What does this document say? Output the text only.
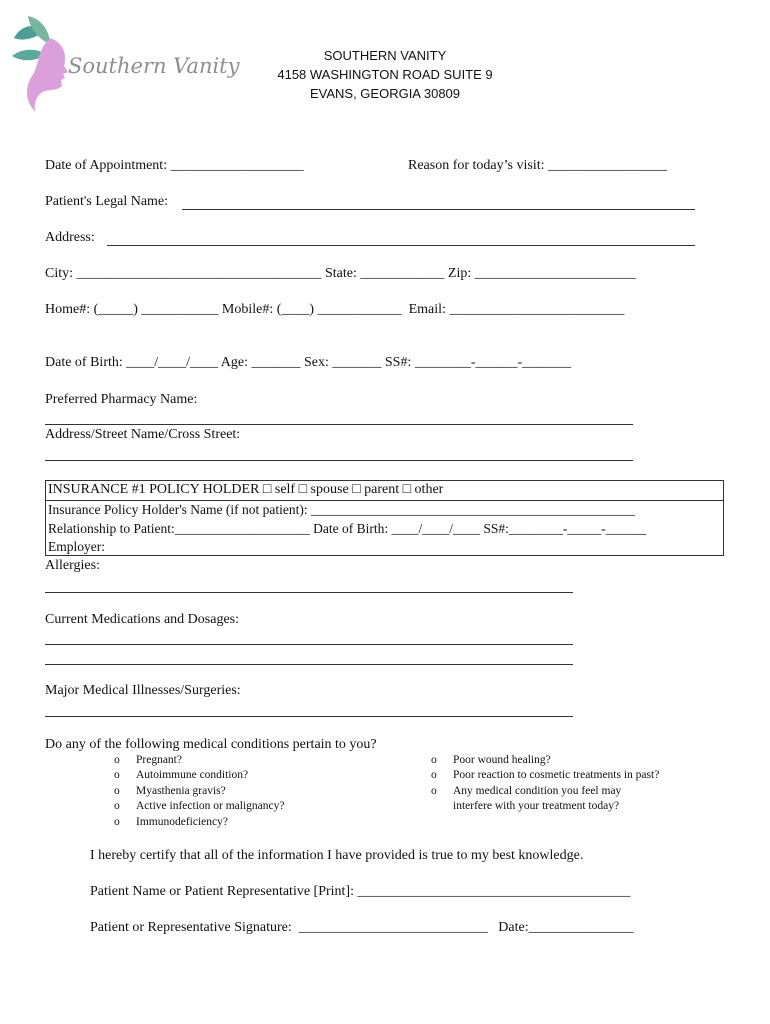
Southern Vanity	SOUTHERN VANITY
4158 WASHINGTON ROAD SUITE 9
EVANS, GEORGIA 30809
Date of Appointment: ___________________	Reason for today’s visit: _________________
Patient's Legal Name:
Address:
City: ___________________________________ State: ____________ Zip: _______________________
Home#: (_____) ___________ Mobile#: (____) ____________  Email: _________________________
Date of Birth: ____/____/____ Age: _______ Sex: _______ SS#: ________-______-_______
Preferred Pharmacy Name:
Address/Street Name/Cross Street:
INSURANCE #1 POLICY HOLDER □ self □ spouse □ parent □ other
Insurance Policy Holder's Name (if not patient): ________________________________________________
Relationship to Patient:____________________ Date of Birth: ____/____/____ SS#:________-_____-______
Employer:
Allergies:
Current Medications and Dosages:
Major Medical Illnesses/Surgeries:
Do any of the following medical conditions pertain to you?
o Pregnant?
o Autoimmune condition?
o Myasthenia gravis?
o Active infection or malignancy?
o Immunodeficiency?
o Poor wound healing?
o Poor reaction to cosmetic treatments in past?
o Any medical condition you feel may
interfere with your treatment today?
I hereby certify that all of the information I have provided is true to my best knowledge.
Patient Name or Patient Representative [Print]: _______________________________________
Patient or Representative Signature:  ___________________________   Date:_______________
